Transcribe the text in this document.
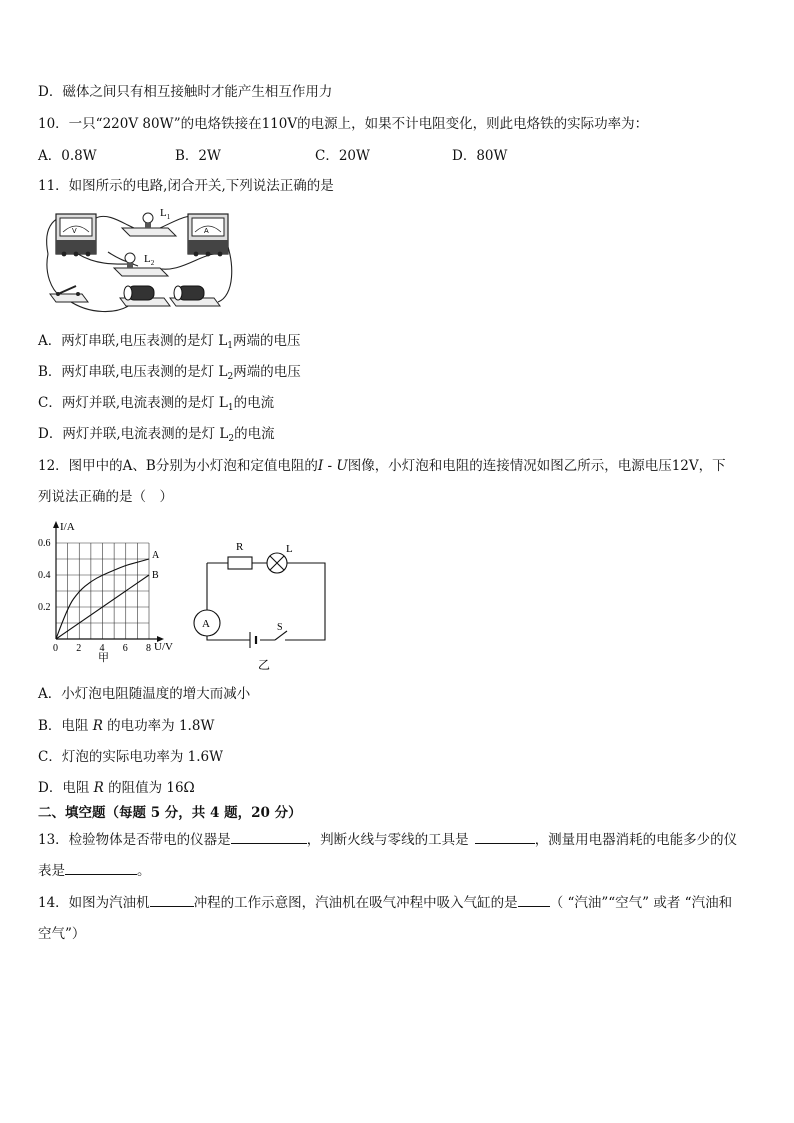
D．磁体之间只有相互接触时才能产生相互作用力
10．一只“220V 80W”的电烙铁接在110V的电源上，如果不计电阻变化，则此电烙铁的实际功率为：
A．0.8W	B．2W	C．20W	D．80W
11．如图所示的电路,闭合开关,下列说法正确的是
V	A
$L_1$
$L_2$
A．两灯串联,电压表测的是灯 $L_1$两端的电压
B．两灯串联,电压表测的是灯 $L_2$两端的电压
C．两灯并联,电流表测的是灯 $L_1$的电流
D．两灯并联,电流表测的是灯 $L_2$的电流
12．图甲中的A、B分别为小灯泡和定值电阻的I - U图像，小灯泡和电阻的连接情况如图乙所示，电源电压12V，下
列说法正确的是（　）
A
B
0 2 4 6 8
0.2
0.4
0.6
I/A
U/V
甲
R	L
S
A
乙
A．小灯泡电阻随温度的增大而减小
B．电阻 R 的电功率为 1.8W
C．灯泡的实际电功率为 1.6W
D．电阻 R 的阻值为 16Ω
二、填空题（每题 5 分，共 4 题，20 分）
13．检验物体是否带电的仪器是	，判断火线与零线的工具是	，测量用电器消耗的电能多少的仪
表是	。
14．如图为汽油机	冲程的工作示意图，汽油机在吸气冲程中吸入气缸的是 （ “汽油”“空气” 或者 “汽油和
空气”）
